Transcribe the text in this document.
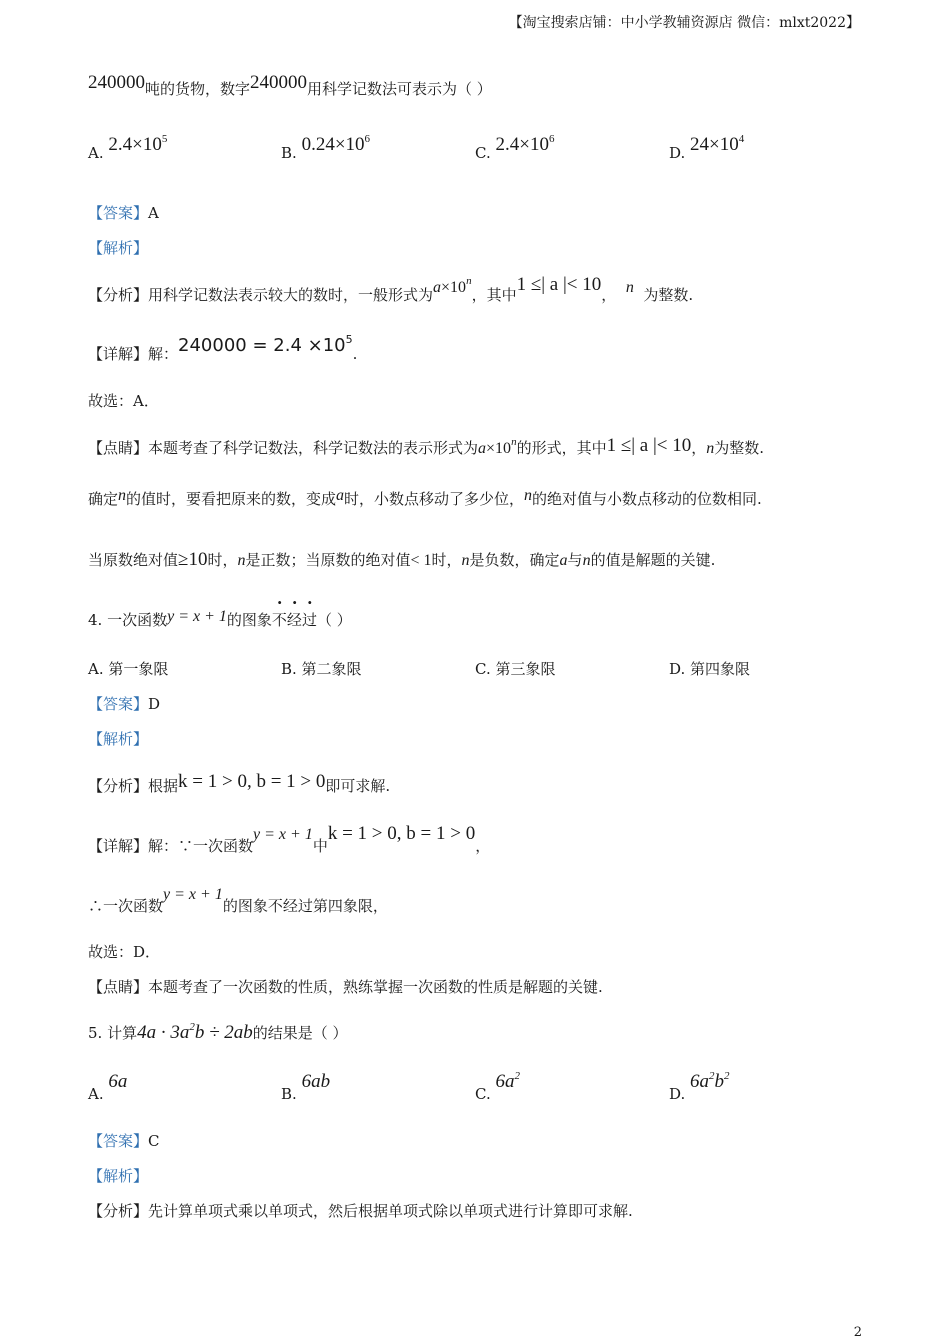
【淘宝搜索店铺：中小学教辅资源店 微信：mlxt2022】
240000吨的货物，数字240000用科学记数法可表示为（ ）
A. $2.4\times 10^5$
B. $0.24\times 10^6$
C. $2.4\times 10^6$
D. $24\times 10^4$
【答案】A
【解析】
【分析】用科学记数法表示较大的数时，一般形式为$a\times 10^n$，其中1 ≤| a |< 10， n 为整数.
【详解】解：$240000 = 2.4 \times 10^5$.
故选：A．
【点睛】本题考查了科学记数法，科学记数法的表示形式为$a\times 10^n$的形式，其中1 ≤| a |< 10，n为整数.
确定n的值时，要看把原来的数，变成a时，小数点移动了多少位，n的绝对值与小数点移动的位数相同.
当原数绝对值≥10时，n是正数；当原数的绝对值< 1时，n是负数，确定a与n的值是解题的关键.
4. 一次函数y = x + 1的图象不经过（ ）
A. 第一象限	B. 第二象限	C. 第三象限	D. 第四象限
【答案】D
【解析】
【分析】根据k = 1 > 0, b = 1 > 0即可求解.
【详解】解：∵一次函数y = x + 1中k = 1 > 0, b = 1 > 0，
∴一次函数y = x + 1的图象不经过第四象限，
故选：D．
【点睛】本题考查了一次函数的性质，熟练掌握一次函数的性质是解题的关键.
5. 计算$4a \cdot 3a^2b \div 2ab$的结果是（ ）
A. 6a
B. 6ab
C. $6a^2$
D. $6a^2b^2$
【答案】C
【解析】
【分析】先计算单项式乘以单项式，然后根据单项式除以单项式进行计算即可求解.
2
